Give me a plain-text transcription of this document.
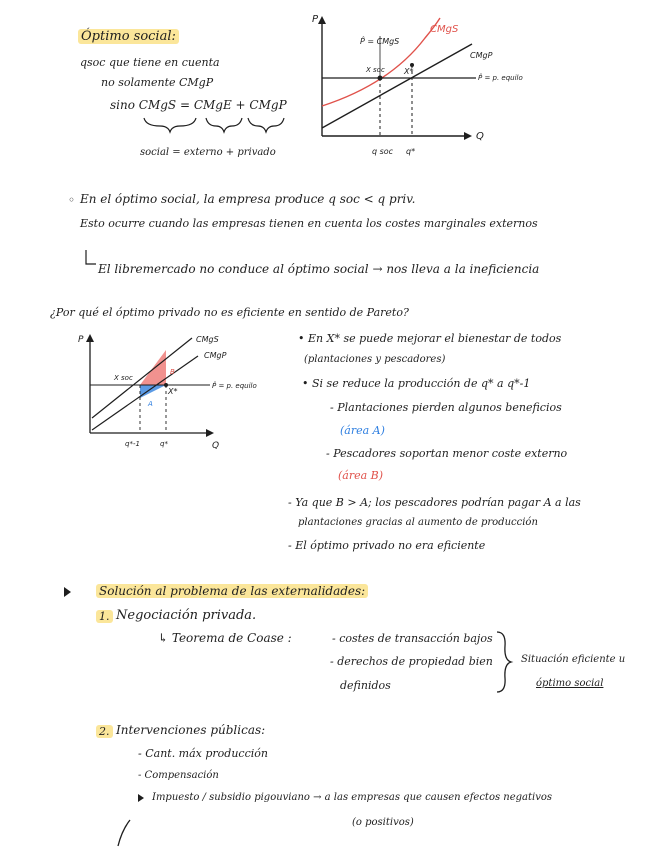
Óptimo social:
qsoc que tiene en cuenta
no solamente CMgP
sino CMgS = CMgE + CMgP
social = externo + privado
P
Q
CMgS
CMgP
P̂ = CMgS
X soc X*
P̂ = p. equilo
q soc q*
◦ En el óptimo social, la empresa produce q soc < q priv.
Esto ocurre cuando las empresas tienen en cuenta los costes marginales externos
El libremercado no conduce al óptimo social → nos lleva a la ineficiencia
¿Por qué el óptimo privado no es eficiente en sentido de Pareto?
P
Q
CMgS
CMgP
X soc
X*
P̂ = p. equilo
B
A
q*-1	q*
• En X* se puede mejorar el bienestar de todos
(plantaciones y pescadores)
• Si se reduce la producción de q* a q*-1
- Plantaciones pierden algunos beneficios
(área A)
- Pescadores soportan menor coste externo
(área B)
- Ya que B > A; los pescadores podrían pagar A a las
plantaciones gracias al aumento de producción
- El óptimo privado no era eficiente
Solución al problema de las externalidades:
1. Negociación privada.
↳ Teorema de Coase :	- costes de transacción bajos
- derechos de propiedad bien
definidos
Situación eficiente u
óptimo social
2. Intervenciones públicas:
- Cant. máx producción
- Compensación
Impuesto / subsidio pigouviano → a las empresas que causen efectos negativos
(o positivos)
